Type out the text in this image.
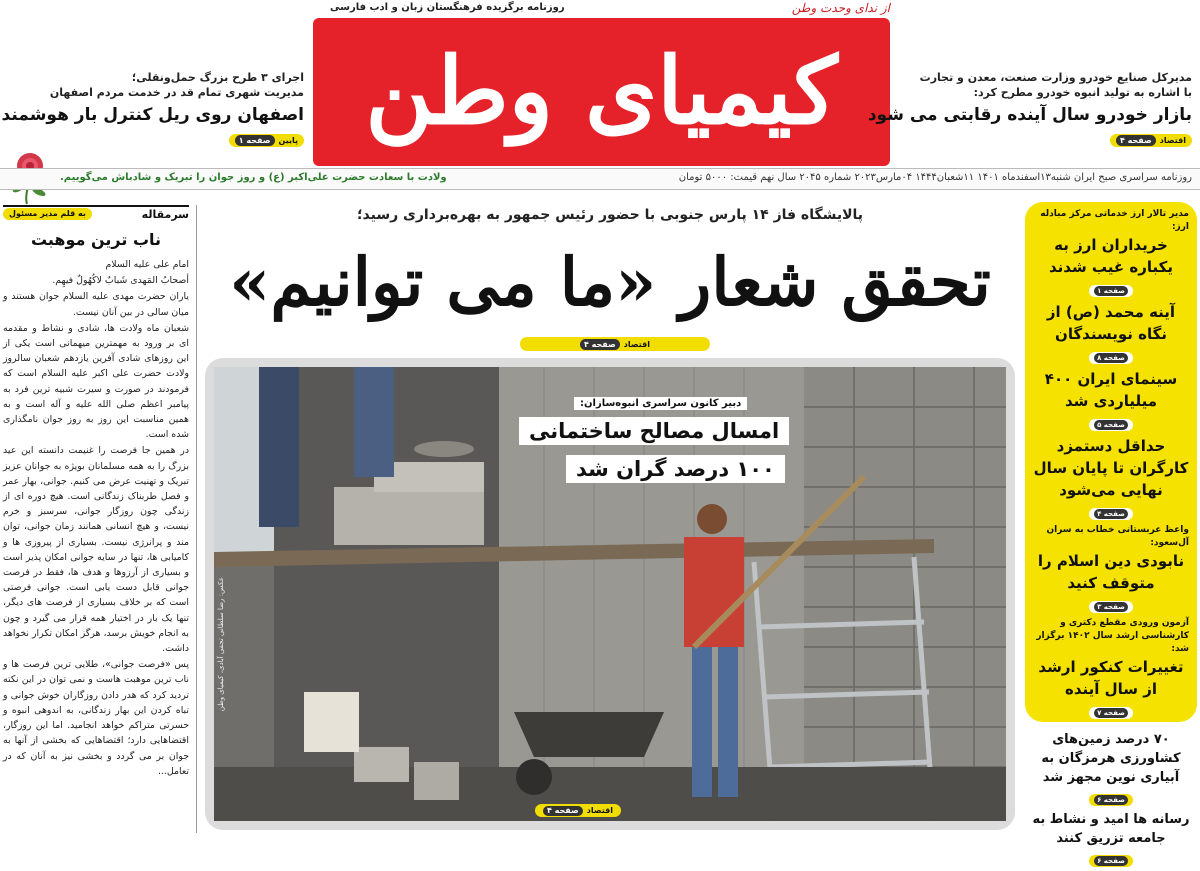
روزنامه برگزیده فرهنگستان زبان و ادب فارسی	از ندای وحدت وطن
کیمیای وطن	مدیرکل صنایع خودرو وزارت صنعت، معدن و تجارت
با اشاره به تولید انبوه خودرو مطرح کرد:
بازار خودرو سال آینده رقابتی می شود
اقتصاد
صفحه ۴
اجرای ۳ طرح بزرگ حمل‌ونقلی؛
مدیریت شهری تمام قد در خدمت مردم اصفهان
اصفهان روی ریل کنترل بار هوشمند
پایین
صفحه ۱
روزنامه سراسری صبح ایران شنبه۱۳اسفندماه ۱۴۰۱ ۱۱شعبان۱۴۴۴ ۰۴مارس۲۰۲۳ شماره ۲۰۴۵ سال نهم قیمت: ۵۰۰۰ تومان
ولادت با سعادت حضرت علی‌اکبر (ع) و روز جوان را تبریک و شادباش می‌گوییم.
سرمقاله
به قلم مدیر مسئول
ناب ترین موهبت

امام علی علیه السلام

أصحابُ المَهدی شَبابٌ لاکُهُولٌ فیهِم.

یاران حضرت مهدی علیه السلام جوان هستند و میان سالی در بین آنان نیست.

شعبان ماه ولادت ها، شادی و نشاط و مقدمه ای بر ورود به مهمترین میهمانی است یکی از این روزهای شادی آفرین یازدهم شعبان سالروز ولادت حضرت علی اکبر علیه السلام است که فرمودند در صورت و سیرت شبیه ترین فرد به پیامبر اعظم صلی الله علیه و آله است و به همین مناسبت این روز به روز جوان نامگذاری شده است.

در همین جا فرصت را غنیمت دانسته این عید بزرگ را به همه مسلمانان بویژه به جوانان عزیز تبریک و تهنیت عرض می کنیم. جوانی، بهار عمر و فصل طربناک زندگانی است. هیچ دوره ای از زندگی چون روزگار جوانی، سرسبز و خرم نیست، و هیچ انسانی همانند زمان جوانی، توان مند و پرانرژی نیست. بسیاری از پیروزی ها و کامیابی ها، تنها در سایه جوانی امکان پذیر است و بسیاری از آرزوها و هدف ها، فقط در فرصت جوانی قابل دست یابی است. جوانی فرصتی است که بر خلاف بسیاری از فرصت های دیگر، تنها یک بار در اختیار همه قرار می گیرد و چون به انجام خویش برسد، هرگز امکان تکرار نخواهد داشت.

پس «فرصت جوانی»، طلایی ترین فرصت ها و ناب ترین موهبت هاست و نمی توان در این نکته تردید کرد که هدر دادن روزگاران خوش جوانی و تباه کردن این بهار زندگانی، به اندوهی انبوه و حسرتی متراکم خواهد انجامید. اما این روزگار، اقتضاهایی دارد؛ اقتضاهایی که بخشی از آنها به جوان بر می گردد و بخشی نیز به آنان که در تعامل...

پالایشگاه فاز ۱۴ پارس جنوبی با حضور رئیس جمهور به بهره‌برداری رسید؛
تحقق شعار «ما می توانیم»
اقتصاد
صفحه ۴
دبیر کانون سراسری انبوه‌سازان:
امسال مصالح ساختمانی
۱۰۰ درصد گران شد
عکس: رضا سلطانی تجفی آبادی، کیمیای وطن
اقتصاد
صفحه ۴
مدیر تالار ارز خدماتی مرکز مبادله ارز:
خریداران ارز به یکباره غیب شدند
صفحه ۱
آینه محمد (ص) از نگاه نویسندگان
صفحه ۸
سینمای ایران ۴۰۰ میلیاردی شد
صفحه ۵
حداقل دستمزد کارگران تا پایان سال نهایی می‌شود
صفحه ۴
واعظ عربستانی خطاب به سران آل‌سعود:
نابودی دین اسلام را متوقف کنید
صفحه ۳
آزمون ورودی مقطع دکتری و کارشناسی ارشد سال ۱۴۰۲ برگزار شد:
تغییرات کنکور ارشد از سال آینده
صفحه ۷
۷۰ درصد زمین‌های کشاورزی هرمزگان به آبیاری نوین مجهز شد
صفحه ۶
رسانه ها امید و نشاط به جامعه تزریق کنند
صفحه ۶
